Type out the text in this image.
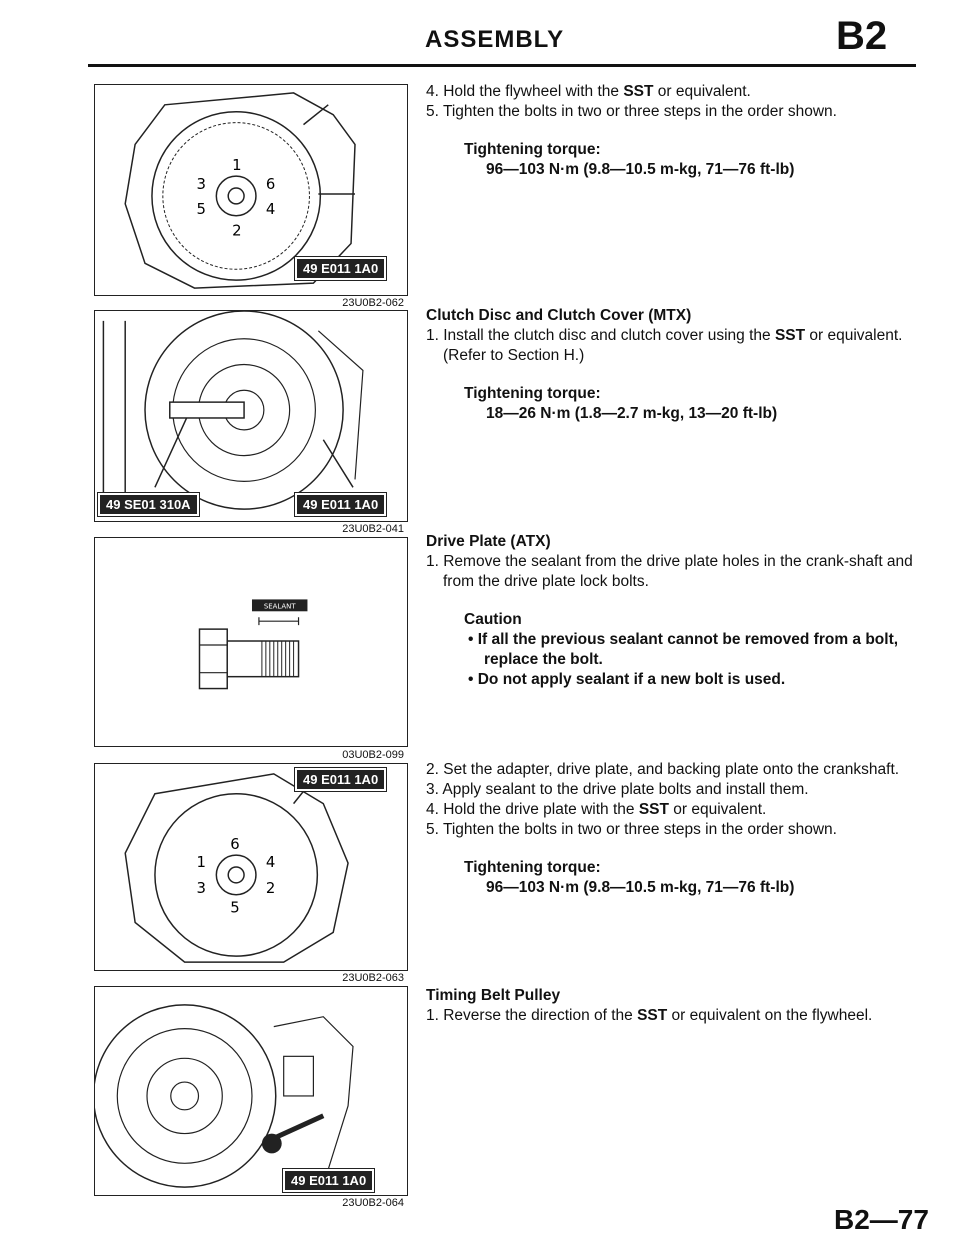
ASSEMBLY	B2
1
3	6
5	4
2
49 E011 1A0
23U0B2-062
49 SE01 310A	49 E011 1A0
23U0B2-041
SEALANT
03U0B2-099
6
1	4
3	2
5
49 E011 1A0
23U0B2-063
49 E011 1A0
23U0B2-064

4. Hold the flywheel with the SST or equivalent.

5. Tighten the bolts in two or three steps in the order shown.

Tightening torque:

96—103 N·m (9.8—10.5 m-kg, 71—76 ft-lb)

Clutch Disc and Clutch Cover (MTX)

1. Install the clutch disc and clutch cover using the SST or equivalent. (Refer to Section H.)

Tightening torque:

18—26 N·m (1.8—2.7 m-kg, 13—20 ft-lb)

Drive Plate (ATX)

1. Remove the sealant from the drive plate holes in the crank-shaft and from the drive plate lock bolts.

Caution

• If all the previous sealant cannot be removed from a bolt, replace the bolt.

• Do not apply sealant if a new bolt is used.

2. Set the adapter, drive plate, and backing plate onto the crankshaft.

3. Apply sealant to the drive plate bolts and install them.

4. Hold the drive plate with the SST or equivalent.

5. Tighten the bolts in two or three steps in the order shown.

Tightening torque:

96—103 N·m (9.8—10.5 m-kg, 71—76 ft-lb)

Timing Belt Pulley

1. Reverse the direction of the SST or equivalent on the flywheel.

B2—77
